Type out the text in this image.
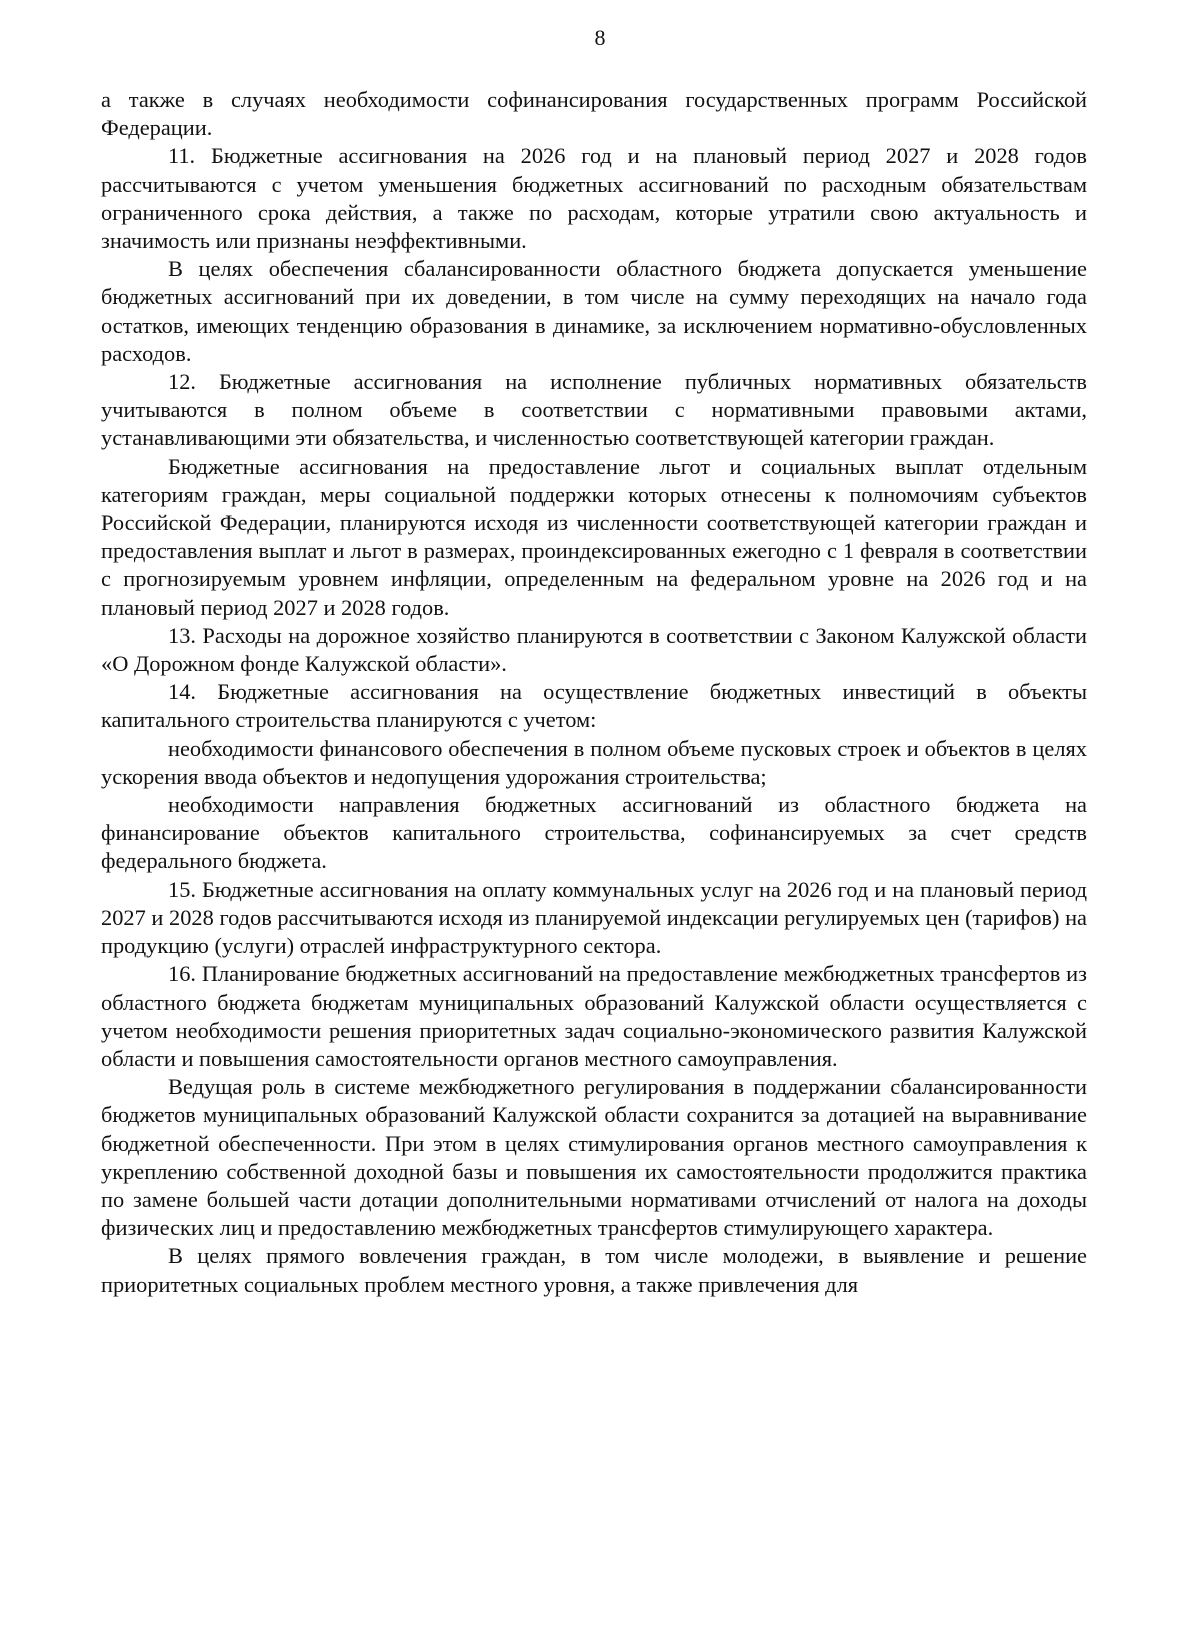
8

а также в случаях необходимости софинансирования государственных программ Российской Федерации.

11. Бюджетные ассигнования на 2026 год и на плановый период 2027 и 2028 годов рассчитываются с учетом уменьшения бюджетных ассигнований по расходным обязательствам ограниченного срока действия, а также по расходам, которые утратили свою актуальность и значимость или признаны неэффективными.

В целях обеспечения сбалансированности областного бюджета допускается уменьшение бюджетных ассигнований при их доведении, в том числе на сумму переходящих на начало года остатков, имеющих тенденцию образования в динамике, за исключением нормативно-обусловленных расходов.

12. Бюджетные ассигнования на исполнение публичных нормативных обязательств учитываются в полном объеме в соответствии с нормативными правовыми актами, устанавливающими эти обязательства, и численностью соответствующей категории граждан.

Бюджетные ассигнования на предоставление льгот и социальных выплат отдельным категориям граждан, меры социальной поддержки которых отнесены к полномочиям субъектов Российской Федерации, планируются исходя из численности соответствующей категории граждан и предоставления выплат и льгот в размерах, проиндексированных ежегодно с 1 февраля в соответствии с прогнозируемым уровнем инфляции, определенным на федеральном уровне на 2026 год и на плановый период 2027 и 2028 годов.

13. Расходы на дорожное хозяйство планируются в соответствии с Законом Калужской области «О Дорожном фонде Калужской области».

14. Бюджетные ассигнования на осуществление бюджетных инвестиций в объекты капитального строительства планируются с учетом:

необходимости финансового обеспечения в полном объеме пусковых строек и объектов в целях ускорения ввода объектов и недопущения удорожания строительства;

необходимости направления бюджетных ассигнований из областного бюджета на финансирование объектов капитального строительства, софинансируемых за счет средств федерального бюджета.

15. Бюджетные ассигнования на оплату коммунальных услуг на 2026 год и на плановый период 2027 и 2028 годов рассчитываются исходя из планируемой индексации регулируемых цен (тарифов) на продукцию (услуги) отраслей инфраструктурного сектора.

16. Планирование бюджетных ассигнований на предоставление межбюджетных трансфертов из областного бюджета бюджетам муниципальных образований Калужской области осуществляется с учетом необходимости решения приоритетных задач социально-экономического развития Калужской области и повышения самостоятельности органов местного самоуправления.

Ведущая роль в системе межбюджетного регулирования в поддержании сбалансированности бюджетов муниципальных образований Калужской области сохранится за дотацией на выравнивание бюджетной обеспеченности. При этом в целях стимулирования органов местного самоуправления к укреплению собственной доходной базы и повышения их самостоятельности продолжится практика по замене большей части дотации дополнительными нормативами отчислений от налога на доходы физических лиц и предоставлению межбюджетных трансфертов стимулирующего характера.

В целях прямого вовлечения граждан, в том числе молодежи, в выявление и решение приоритетных социальных проблем местного уровня, а также привлечения для
